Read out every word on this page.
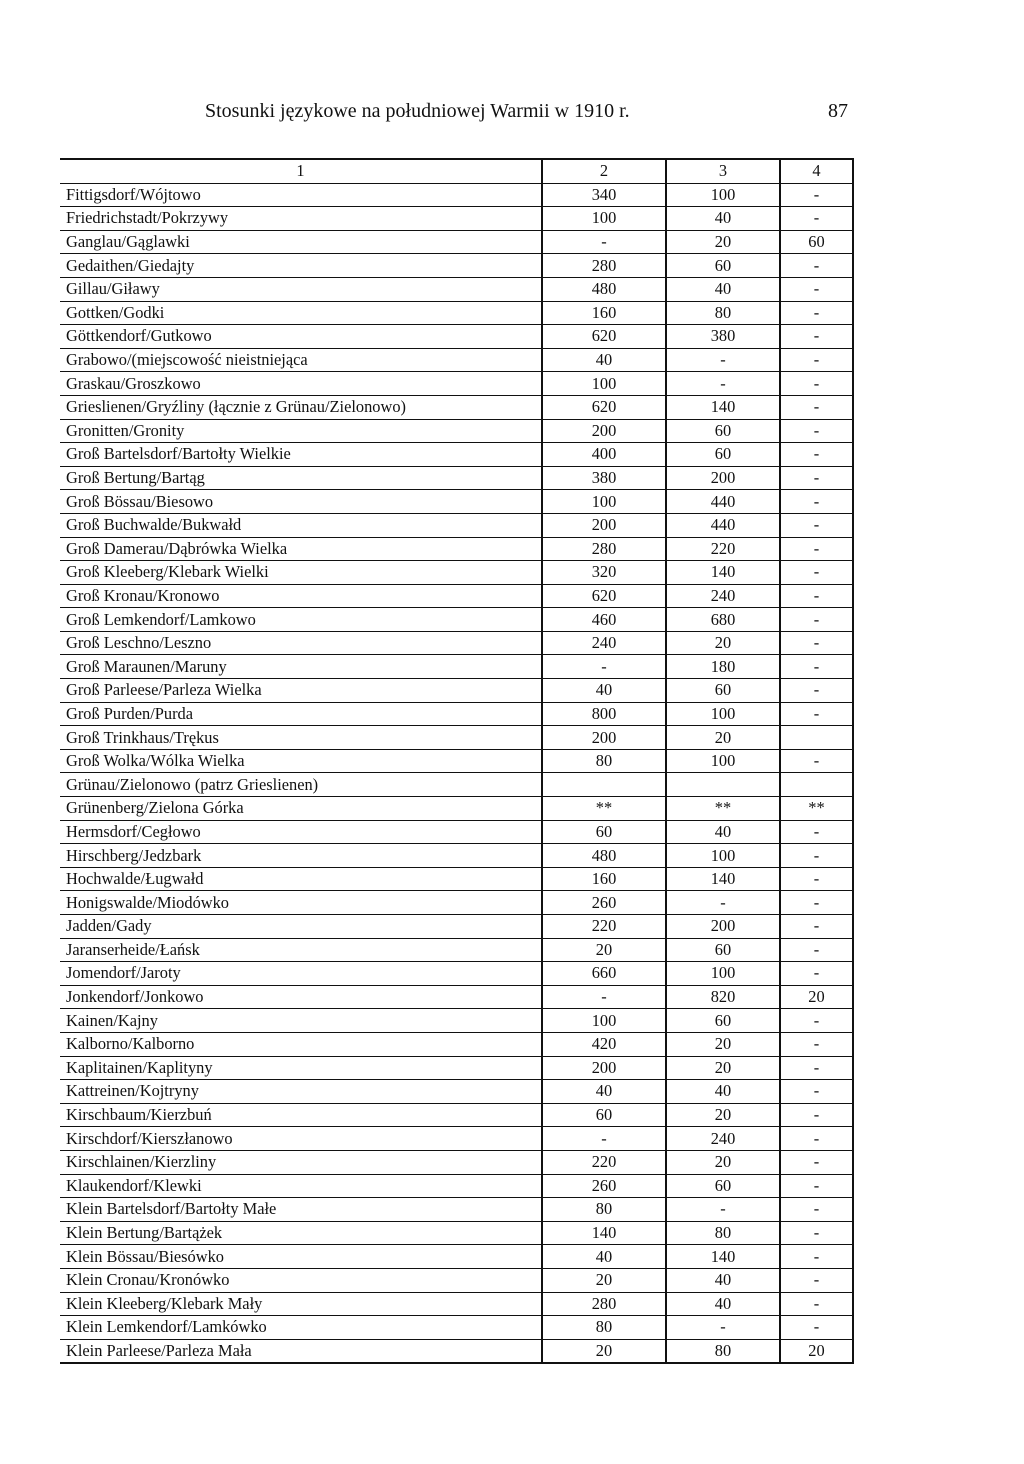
Stosunki językowe na południowej Warmii w 1910 r.	87
1	2	3	4
Fittigsdorf/Wójtowo	340	100	-
Friedrichstadt/Pokrzywy	100	40	-
Ganglau/Gąglawki	-	20	60
Gedaithen/Giedajty	280	60	-
Gillau/Giławy	480	40	-
Gottken/Godki	160	80	-
Göttkendorf/Gutkowo	620	380	-
Grabowo/(miejscowość nieistniejąca	40	-	-
Graskau/Groszkowo	100	-	-
Grieslienen/Gryźliny (łącznie z Grünau/Zielonowo)	620	140	-
Gronitten/Gronity	200	60	-
Groß Bartelsdorf/Bartołty Wielkie	400	60	-
Groß Bertung/Bartąg	380	200	-
Groß Bössau/Biesowo	100	440	-
Groß Buchwalde/Bukwałd	200	440	-
Groß Damerau/Dąbrówka Wielka	280	220	-
Groß Kleeberg/Klebark Wielki	320	140	-
Groß Kronau/Kronowo	620	240	-
Groß Lemkendorf/Lamkowo	460	680	-
Groß Leschno/Leszno	240	20	-
Groß Maraunen/Maruny	-	180	-
Groß Parleese/Parleza Wielka	40	60	-
Groß Purden/Purda	800	100	-
Groß Trinkhaus/Trękus	200	20	
Groß Wolka/Wólka Wielka	80	100	-
Grünau/Zielonowo (patrz Grieslienen)			
Grünenberg/Zielona Górka	**	**	**
Hermsdorf/Cegłowo	60	40	-
Hirschberg/Jedzbark	480	100	-
Hochwalde/Ługwałd	160	140	-
Honigswalde/Miodówko	260	-	-
Jadden/Gady	220	200	-
Jaranserheide/Łańsk	20	60	-
Jomendorf/Jaroty	660	100	-
Jonkendorf/Jonkowo	-	820	20
Kainen/Kajny	100	60	-
Kalborno/Kalborno	420	20	-
Kaplitainen/Kaplityny	200	20	-
Kattreinen/Kojtryny	40	40	-
Kirschbaum/Kierzbuń	60	20	-
Kirschdorf/Kierszłanowo	-	240	-
Kirschlainen/Kierzliny	220	20	-
Klaukendorf/Klewki	260	60	-
Klein Bartelsdorf/Bartołty Małe	80	-	-
Klein Bertung/Bartążek	140	80	-
Klein Bössau/Biesówko	40	140	-
Klein Cronau/Kronówko	20	40	-
Klein Kleeberg/Klebark Mały	280	40	-
Klein Lemkendorf/Lamkówko	80	-	-
Klein Parleese/Parleza Mała	20	80	20
